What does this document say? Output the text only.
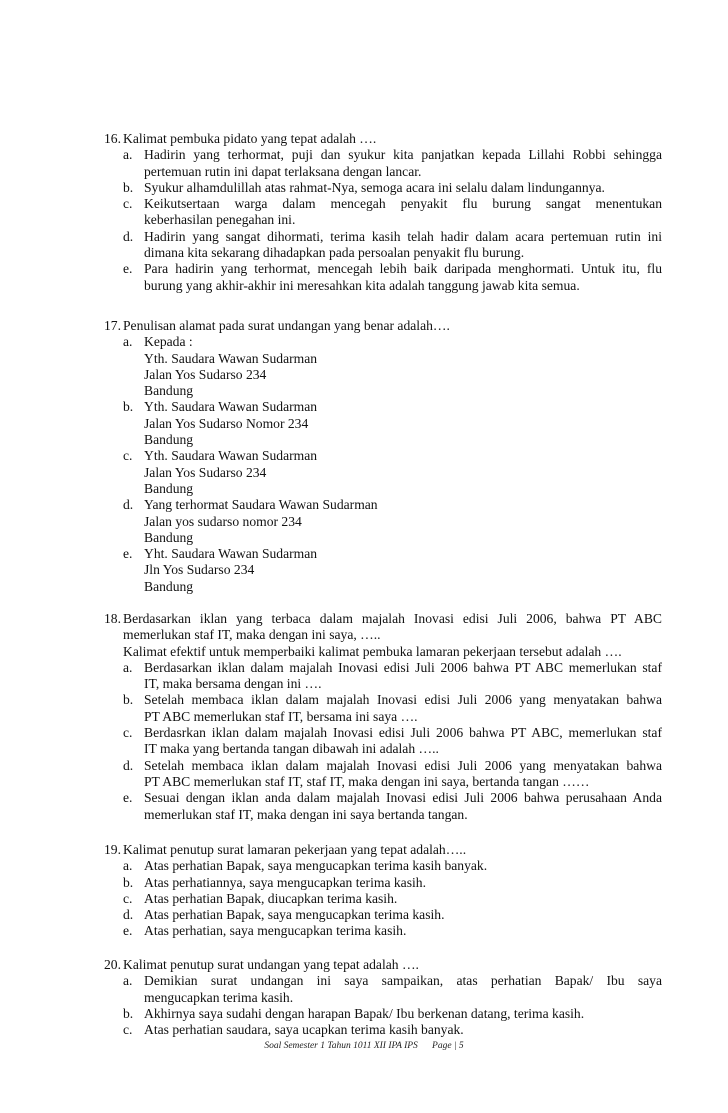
16. Kalimat pembuka pidato yang tepat adalah ….
a. Hadirin yang terhormat, puji dan syukur kita panjatkan kepada Lillahi Robbi sehingga
pertemuan rutin ini dapat terlaksana dengan lancar.
b. Syukur alhamdulillah atas rahmat-Nya, semoga acara ini selalu dalam lindungannya.
c. Keikutsertaan warga dalam mencegah penyakit flu burung sangat menentukan
keberhasilan penegahan ini.
d. Hadirin yang sangat dihormati, terima kasih telah hadir dalam acara pertemuan rutin ini
dimana kita sekarang dihadapkan pada persoalan penyakit flu burung.
e. Para hadirin yang terhormat, mencegah lebih baik daripada menghormati. Untuk itu, flu
burung yang akhir-akhir ini meresahkan kita adalah tanggung jawab kita semua.
17. Penulisan alamat pada surat undangan yang benar adalah….
a. Kepada :
Yth. Saudara Wawan Sudarman
Jalan Yos Sudarso 234
Bandung
b. Yth. Saudara Wawan Sudarman
Jalan Yos Sudarso Nomor 234
Bandung
c. Yth. Saudara Wawan Sudarman
Jalan Yos Sudarso 234
Bandung
d. Yang terhormat Saudara Wawan Sudarman
Jalan yos sudarso nomor 234
Bandung
e. Yht. Saudara Wawan Sudarman
Jln Yos Sudarso 234
Bandung
18. Berdasarkan iklan yang terbaca dalam majalah Inovasi edisi Juli 2006, bahwa PT ABC
memerlukan staf IT, maka dengan ini saya, …..
Kalimat efektif untuk memperbaiki kalimat pembuka lamaran pekerjaan tersebut adalah ….
a. Berdasarkan iklan dalam majalah Inovasi edisi Juli 2006 bahwa PT ABC memerlukan staf
IT, maka bersama dengan ini ….
b. Setelah membaca iklan dalam majalah Inovasi edisi Juli 2006 yang menyatakan bahwa
PT ABC memerlukan staf IT, bersama ini saya ….
c. Berdasrkan iklan dalam majalah Inovasi edisi Juli 2006 bahwa PT ABC, memerlukan staf
IT maka yang bertanda tangan dibawah ini adalah …..
d. Setelah membaca iklan dalam majalah Inovasi edisi Juli 2006 yang menyatakan bahwa
PT ABC memerlukan staf IT, staf IT, maka dengan ini saya, bertanda tangan ……
e. Sesuai dengan iklan anda dalam majalah Inovasi edisi Juli 2006 bahwa perusahaan Anda
memerlukan staf IT, maka dengan ini saya bertanda tangan.
19. Kalimat penutup surat lamaran pekerjaan yang tepat adalah…..
a. Atas perhatian Bapak, saya mengucapkan terima kasih banyak.
b. Atas perhatiannya, saya mengucapkan terima kasih.
c. Atas perhatian Bapak, diucapkan terima kasih.
d. Atas perhatian Bapak, saya mengucapkan terima kasih.
e. Atas perhatian, saya mengucapkan terima kasih.
20. Kalimat penutup surat undangan yang tepat adalah ….
a. Demikian surat undangan ini saya sampaikan, atas perhatian Bapak/ Ibu saya
mengucapkan terima kasih.
b. Akhirnya saya sudahi dengan harapan Bapak/ Ibu berkenan datang, terima kasih.
c. Atas perhatian saudara, saya ucapkan terima kasih banyak.
Soal Semester 1 Tahun 1011 XII IPA IPS      Page | 5
